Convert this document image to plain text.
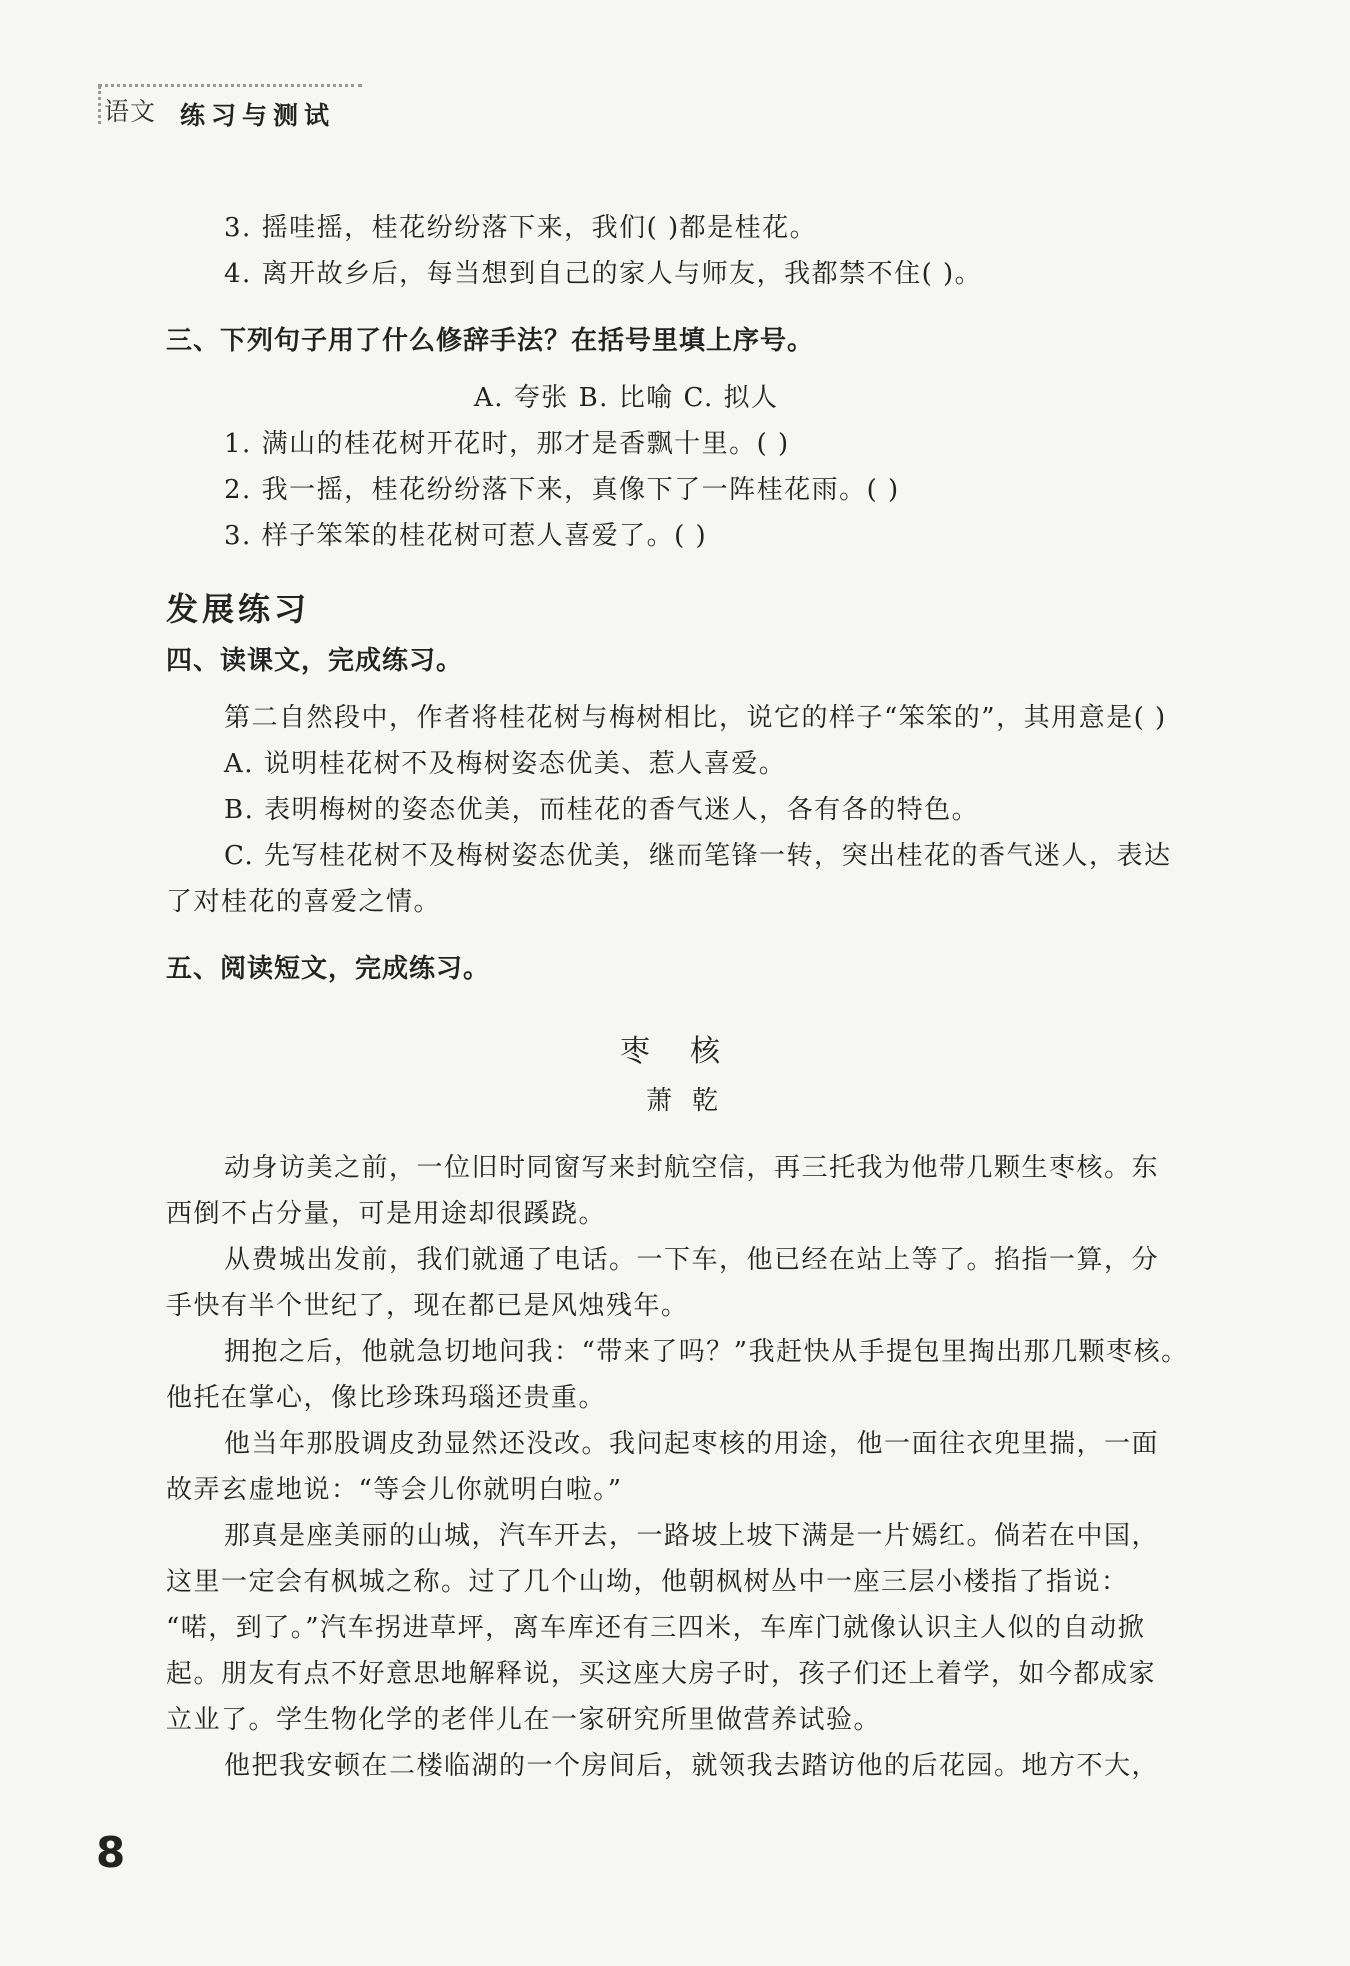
语文 练习与测试
3. 摇哇摇，桂花纷纷落下来，我们( )都是桂花。
4. 离开故乡后，每当想到自己的家人与师友，我都禁不住( )。
三、下列句子用了什么修辞手法？在括号里填上序号。
A. 夸张 B. 比喻 C. 拟人
1. 满山的桂花树开花时，那才是香飘十里。( )
2. 我一摇，桂花纷纷落下来，真像下了一阵桂花雨。( )
3. 样子笨笨的桂花树可惹人喜爱了。( )
发展练习
四、读课文，完成练习。
第二自然段中，作者将桂花树与梅树相比，说它的样子“笨笨的”，其用意是( )
A. 说明桂花树不及梅树姿态优美、惹人喜爱。
B. 表明梅树的姿态优美，而桂花的香气迷人，各有各的特色。
C. 先写桂花树不及梅树姿态优美，继而笔锋一转，突出桂花的香气迷人，表达
了对桂花的喜爱之情。
五、阅读短文，完成练习。
枣核
萧乾
动身访美之前，一位旧时同窗写来封航空信，再三托我为他带几颗生枣核。东
西倒不占分量，可是用途却很蹊跷。
从费城出发前，我们就通了电话。一下车，他已经在站上等了。掐指一算，分
手快有半个世纪了，现在都已是风烛残年。
拥抱之后，他就急切地问我：“带来了吗？”我赶快从手提包里掏出那几颗枣核。
他托在掌心，像比珍珠玛瑙还贵重。
他当年那股调皮劲显然还没改。我问起枣核的用途，他一面往衣兜里揣，一面
故弄玄虚地说：“等会儿你就明白啦。”
那真是座美丽的山城，汽车开去，一路坡上坡下满是一片嫣红。倘若在中国，
这里一定会有枫城之称。过了几个山坳，他朝枫树丛中一座三层小楼指了指说：
“喏，到了。”汽车拐进草坪，离车库还有三四米，车库门就像认识主人似的自动掀
起。朋友有点不好意思地解释说，买这座大房子时，孩子们还上着学，如今都成家
立业了。学生物化学的老伴儿在一家研究所里做营养试验。
他把我安顿在二楼临湖的一个房间后，就领我去踏访他的后花园。地方不大，
8
